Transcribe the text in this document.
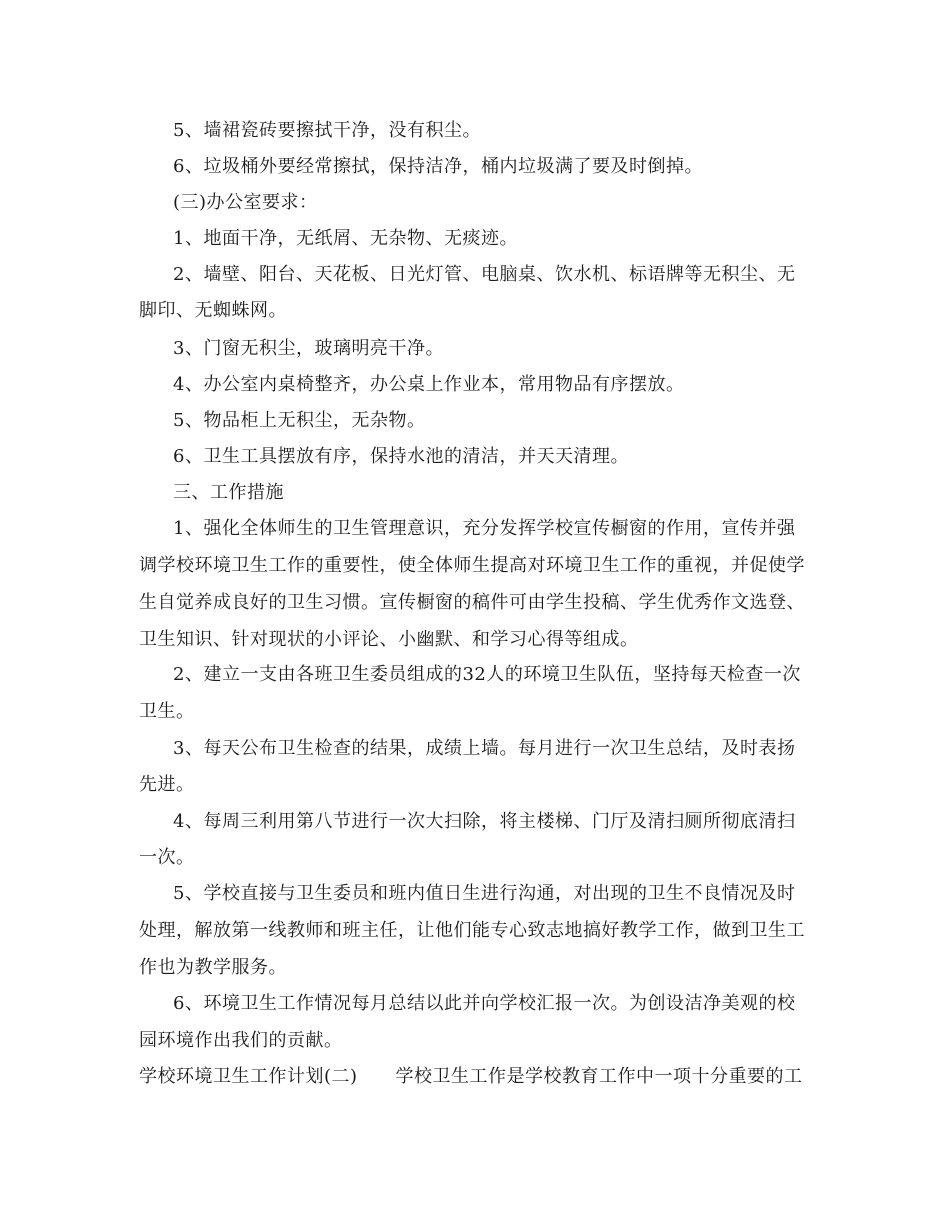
5、墙裙瓷砖要擦拭干净，没有积尘。
6、垃圾桶外要经常擦拭，保持洁净，桶内垃圾满了要及时倒掉。
(三)办公室要求：
1、地面干净，无纸屑、无杂物、无痰迹。
2、墙壁、阳台、天花板、日光灯管、电脑桌、饮水机、标语牌等无积尘、无
脚印、无蜘蛛网。
3、门窗无积尘，玻璃明亮干净。
4、办公室内桌椅整齐，办公桌上作业本，常用物品有序摆放。
5、物品柜上无积尘，无杂物。
6、卫生工具摆放有序，保持水池的清洁，并天天清理。
三、工作措施
1、强化全体师生的卫生管理意识，充分发挥学校宣传橱窗的作用，宣传并强
调学校环境卫生工作的重要性，使全体师生提高对环境卫生工作的重视，并促使学
生自觉养成良好的卫生习惯。宣传橱窗的稿件可由学生投稿、学生优秀作文选登、
卫生知识、针对现状的小评论、小幽默、和学习心得等组成。
2、建立一支由各班卫生委员组成的32人的环境卫生队伍，坚持每天检查一次
卫生。
3、每天公布卫生检查的结果，成绩上墙。每月进行一次卫生总结，及时表扬
先进。
4、每周三利用第八节进行一次大扫除，将主楼梯、门厅及清扫厕所彻底清扫
一次。
5、学校直接与卫生委员和班内值日生进行沟通，对出现的卫生不良情况及时
处理，解放第一线教师和班主任，让他们能专心致志地搞好教学工作，做到卫生工
作也为教学服务。
6、环境卫生工作情况每月总结以此并向学校汇报一次。为创设洁净美观的校
园环境作出我们的贡献。
学校环境卫生工作计划(二) 学校卫生工作是学校教育工作中一项十分重要的工
